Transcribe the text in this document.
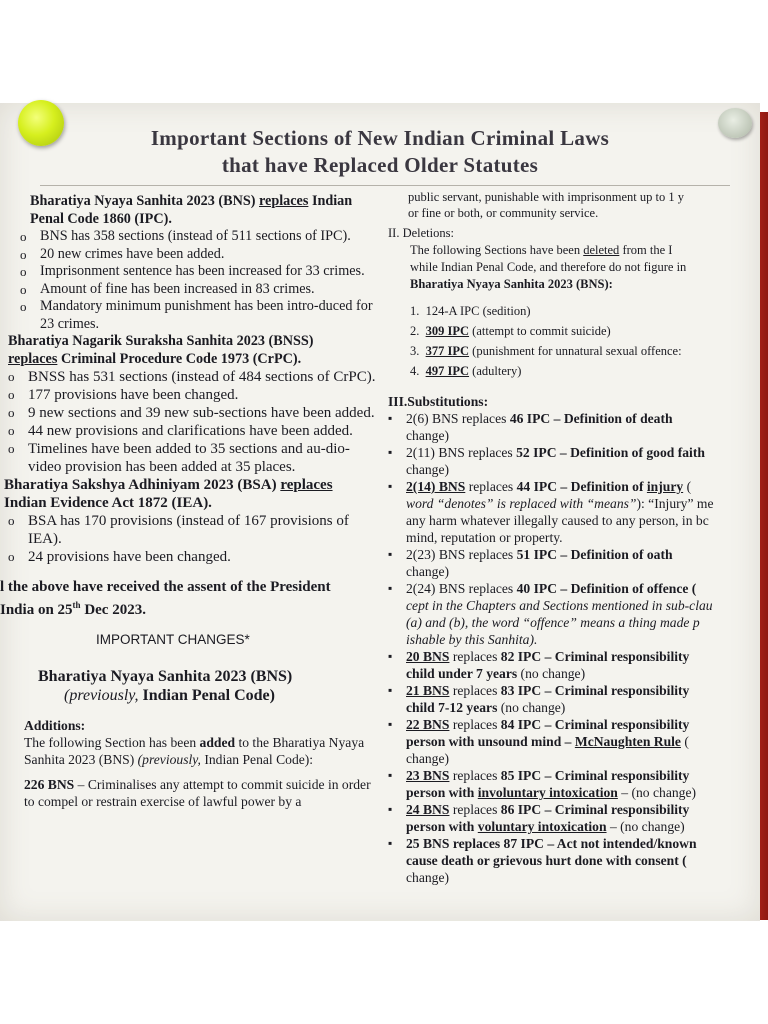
Important Sections of New Indian Criminal Laws
that have Replaced Older Statutes

Bharatiya Nyaya Sanhita 2023 (BNS) replaces Indian Penal Code 1860 (IPC).

o BNS has 358 sections (instead of 511 sections of IPC).
o 20 new crimes have been added.
o Imprisonment sentence has been increased for 33 crimes.
o Amount of fine has been increased in 83 crimes.
o Mandatory minimum punishment has been intro-duced for 23 crimes.

Bharatiya Nagarik Suraksha Sanhita 2023 (BNSS)
replaces Criminal Procedure Code 1973 (CrPC).

o BNSS has 531 sections (instead of 484 sections of CrPC).
o 177 provisions have been changed.
o 9 new sections and 39 new sub-sections have been added.
o 44 new provisions and clarifications have been added.
o Timelines have been added to 35 sections and au-dio-video provision has been added at 35 places.

Bharatiya Sakshya Adhiniyam 2023 (BSA) replaces
Indian Evidence Act 1872 (IEA).

o BSA has 170 provisions (instead of 167 provisions of IEA).
o 24 provisions have been changed.

l the above have received the assent of the President
India on 25th Dec 2023.

IMPORTANT CHANGES*
Bharatiya Nyaya Sanhita 2023 (BNS)
(previously, Indian Penal Code)
Additions:
The following Section has been added to the Bharatiya Nyaya Sanhita 2023 (BNS) (previously, Indian Penal Code):
226 BNS – Criminalises any attempt to commit suicide in order to compel or restrain exercise of lawful power by a
public servant, punishable with imprisonment up to 1 y
or fine or both, or community service.
II. Deletions:
The following Sections have been deleted from the I
while Indian Penal Code, and therefore do not figure in
Bharatiya Nyaya Sanhita 2023 (BNS):
1. 124-A IPC (sedition)
2. 309 IPC (attempt to commit suicide)
3. 377 IPC (punishment for unnatural sexual offence:
4. 497 IPC (adultery)
III.Substitutions:
▪ 2(6) BNS replaces 46 IPC – Definition of death
change)
▪ 2(11) BNS replaces 52 IPC – Definition of good faith
change)
▪ 2(14) BNS replaces 44 IPC – Definition of injury (
word “denotes” is replaced with “means”): “Injury” me
any harm whatever illegally caused to any person, in bc
mind, reputation or property.
▪ 2(23) BNS replaces 51 IPC – Definition of oath
change)
▪ 2(24) BNS replaces 40 IPC – Definition of offence (
cept in the Chapters and Sections mentioned in sub-clau
(a) and (b), the word “offence” means a thing made p
ishable by this Sanhita).
▪ 20 BNS replaces 82 IPC – Criminal responsibility
child under 7 years (no change)
▪ 21 BNS replaces 83 IPC – Criminal responsibility
child 7-12 years (no change)
▪ 22 BNS replaces 84 IPC – Criminal responsibility
person with unsound mind – McNaughten Rule (
change)
▪ 23 BNS replaces 85 IPC – Criminal responsibility
person with involuntary intoxication – (no change)
▪ 24 BNS replaces 86 IPC – Criminal responsibility
person with voluntary intoxication – (no change)
▪ 25 BNS replaces 87 IPC – Act not intended/known
cause death or grievous hurt done with consent (
change)
